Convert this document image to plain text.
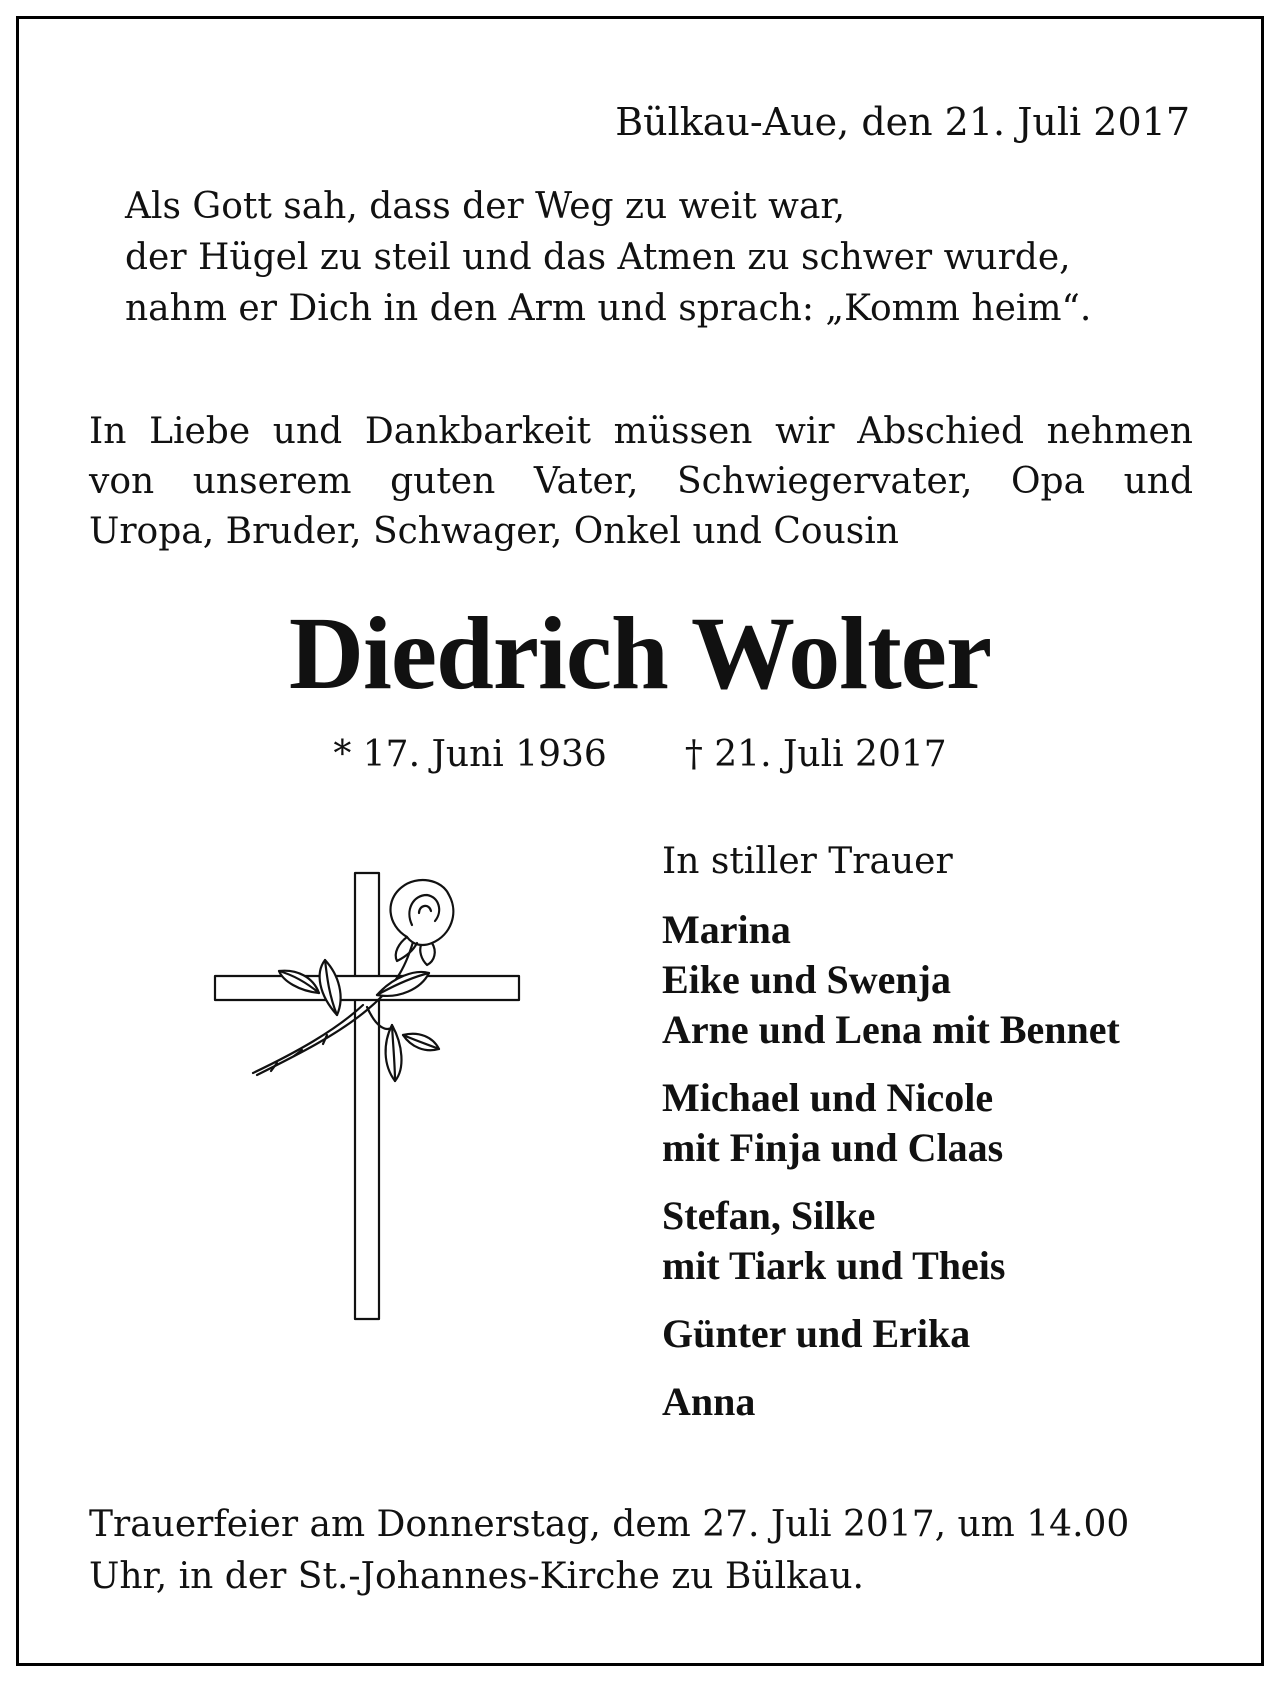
Bülkau-Aue, den 21. Juli 2017
Als Gott sah, dass der Weg zu weit war,
der Hügel zu steil und das Atmen zu schwer wurde,
nahm er Dich in den Arm und sprach: „Komm heim“.
In Liebe und Dankbarkeit müssen wir Abschied nehmen
von unserem guten Vater, Schwiegervater, Opa und
Uropa, Bruder, Schwager, Onkel und Cousin
Diedrich Wolter
* 17. Juni 1936 † 21. Juli 2017
In stiller Trauer
Marina
Eike und Swenja
Arne und Lena mit Bennet
Michael und Nicole
mit Finja und Claas
Stefan, Silke
mit Tiark und Theis
Günter und Erika
Anna
Trauerfeier am Donnerstag, dem 27. Juli 2017, um 14.00
Uhr, in der St.-Johannes-Kirche zu Bülkau.
